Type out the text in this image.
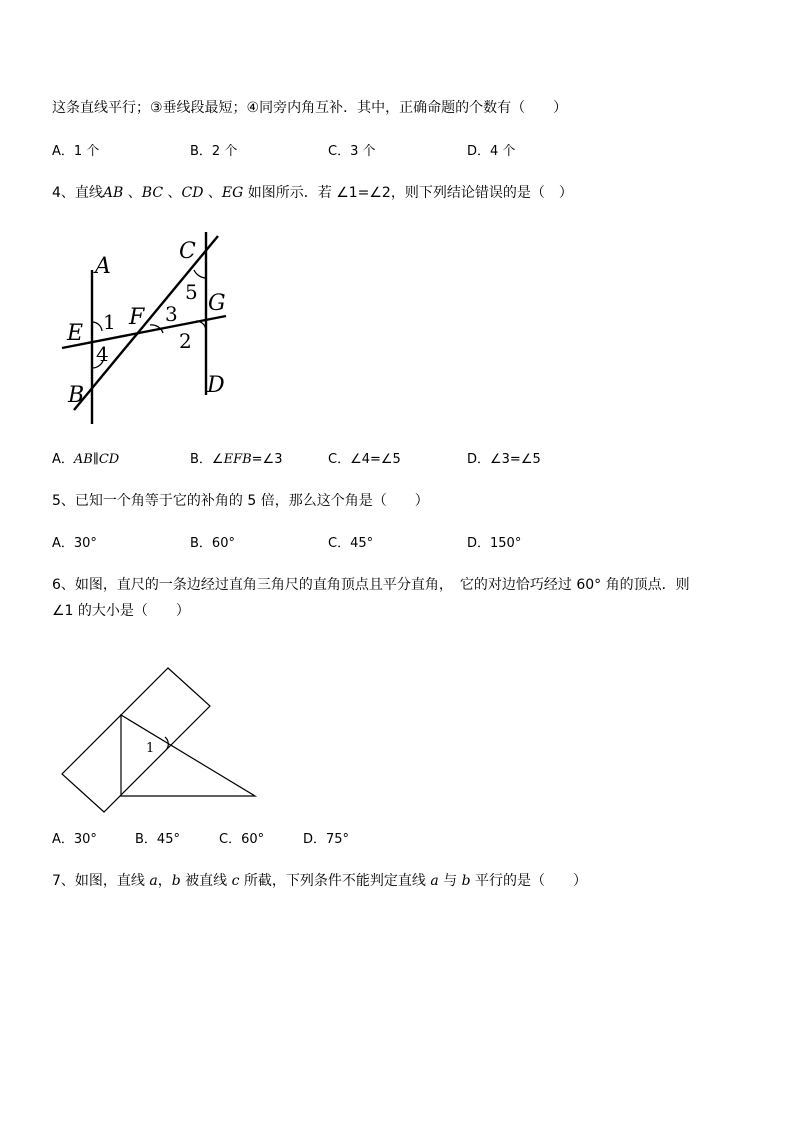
这条直线平行；③垂线段最短；④同旁内角互补．其中，正确命题的个数有（　　）
A．1 个	B．2 个	C．3 个	D．4 个
4、直线AB 、BC 、CD 、EG 如图所示．若 ∠1=∠2，则下列结论错误的是（　）
A
B
C
D
E
F
G
1
2
3
4
5
1
A．AB∥CD	B．∠EFB=∠3	C．∠4=∠5	D．∠3=∠5
5、已知一个角等于它的补角的 5 倍，那么这个角是（　　）
A．30°	B．60°	C．45°	D．150°
6、如图，直尺的一条边经过直角三角尺的直角顶点且平分直角，　它的对边恰巧经过 60° 角的顶点．则
∠1 的大小是（　　）
A．30°	B．45°	C．60°	D．75°
7、如图，直线 a，b 被直线 c 所截，下列条件不能判定直线 a 与 b 平行的是（　　）
